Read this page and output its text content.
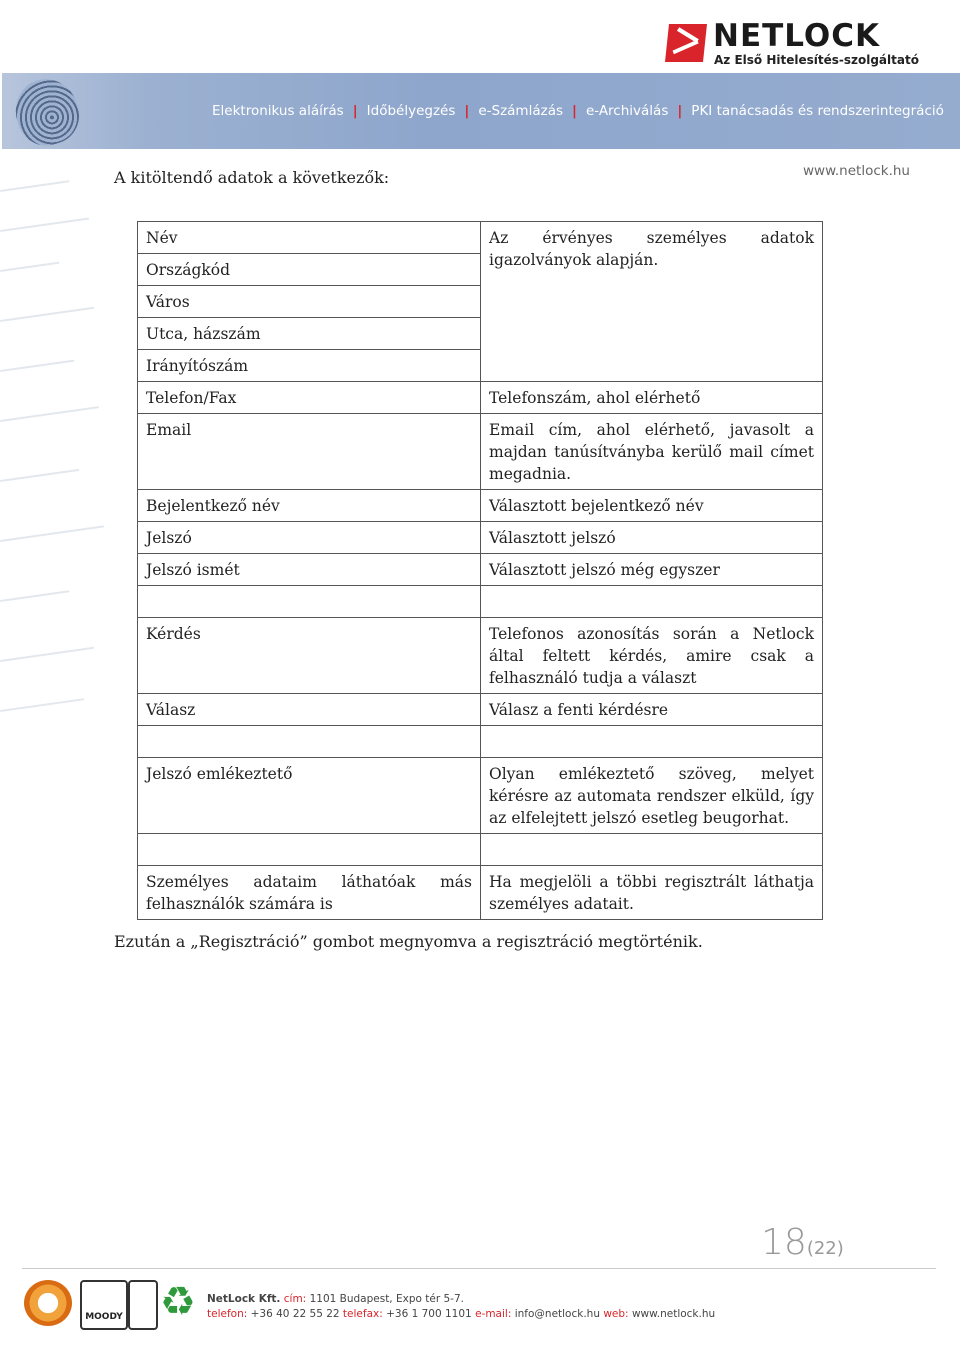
NETLOCK
Az Első Hitelesítés-szolgáltató
Elektronikus aláírás | Időbélyegzés | e-Számlázás | e-Archiválás | PKI tanácsadás és rendszerintegráció
www.netlock.hu
A kitöltendő adatok a következők:
Név	Az érvényes személyes adatok igazolványok alapján.
Országkód	
Város	
Utca, házszám	
Irányítószám	
Telefon/Fax	Telefonszám, ahol elérhető
Email	Email cím, ahol elérhető, javasolt a majdan tanúsítványba kerülő mail címet megadnia.
Bejelentkező név	Választott bejelentkező név
Jelszó	Választott jelszó
Jelszó ismét	Választott jelszó még egyszer

Kérdés	Telefonos azonosítás során a Netlock által feltett kérdés, amire csak a felhasználó tudja a választ
Válasz	Válasz a fenti kérdésre

Jelszó emlékeztető	Olyan emlékeztető szöveg, melyet kérésre az automata rendszer elküld, így az elfelejtett jelszó esetleg beugorhat.

Személyes adataim láthatóak más felhasználók számára is	Ha megjelöli a többi regisztrált láthatja személyes adatait.
Ezután a „Regisztráció” gombot megnyomva a regisztráció megtörténik.
18(22)
MOODY ♻ NetLock Kft. cím: 1101 Budapest, Expo tér 5-7.
telefon: +36 40 22 55 22 telefax: +36 1 700 1101 e-mail: info@netlock.hu web: www.netlock.hu
